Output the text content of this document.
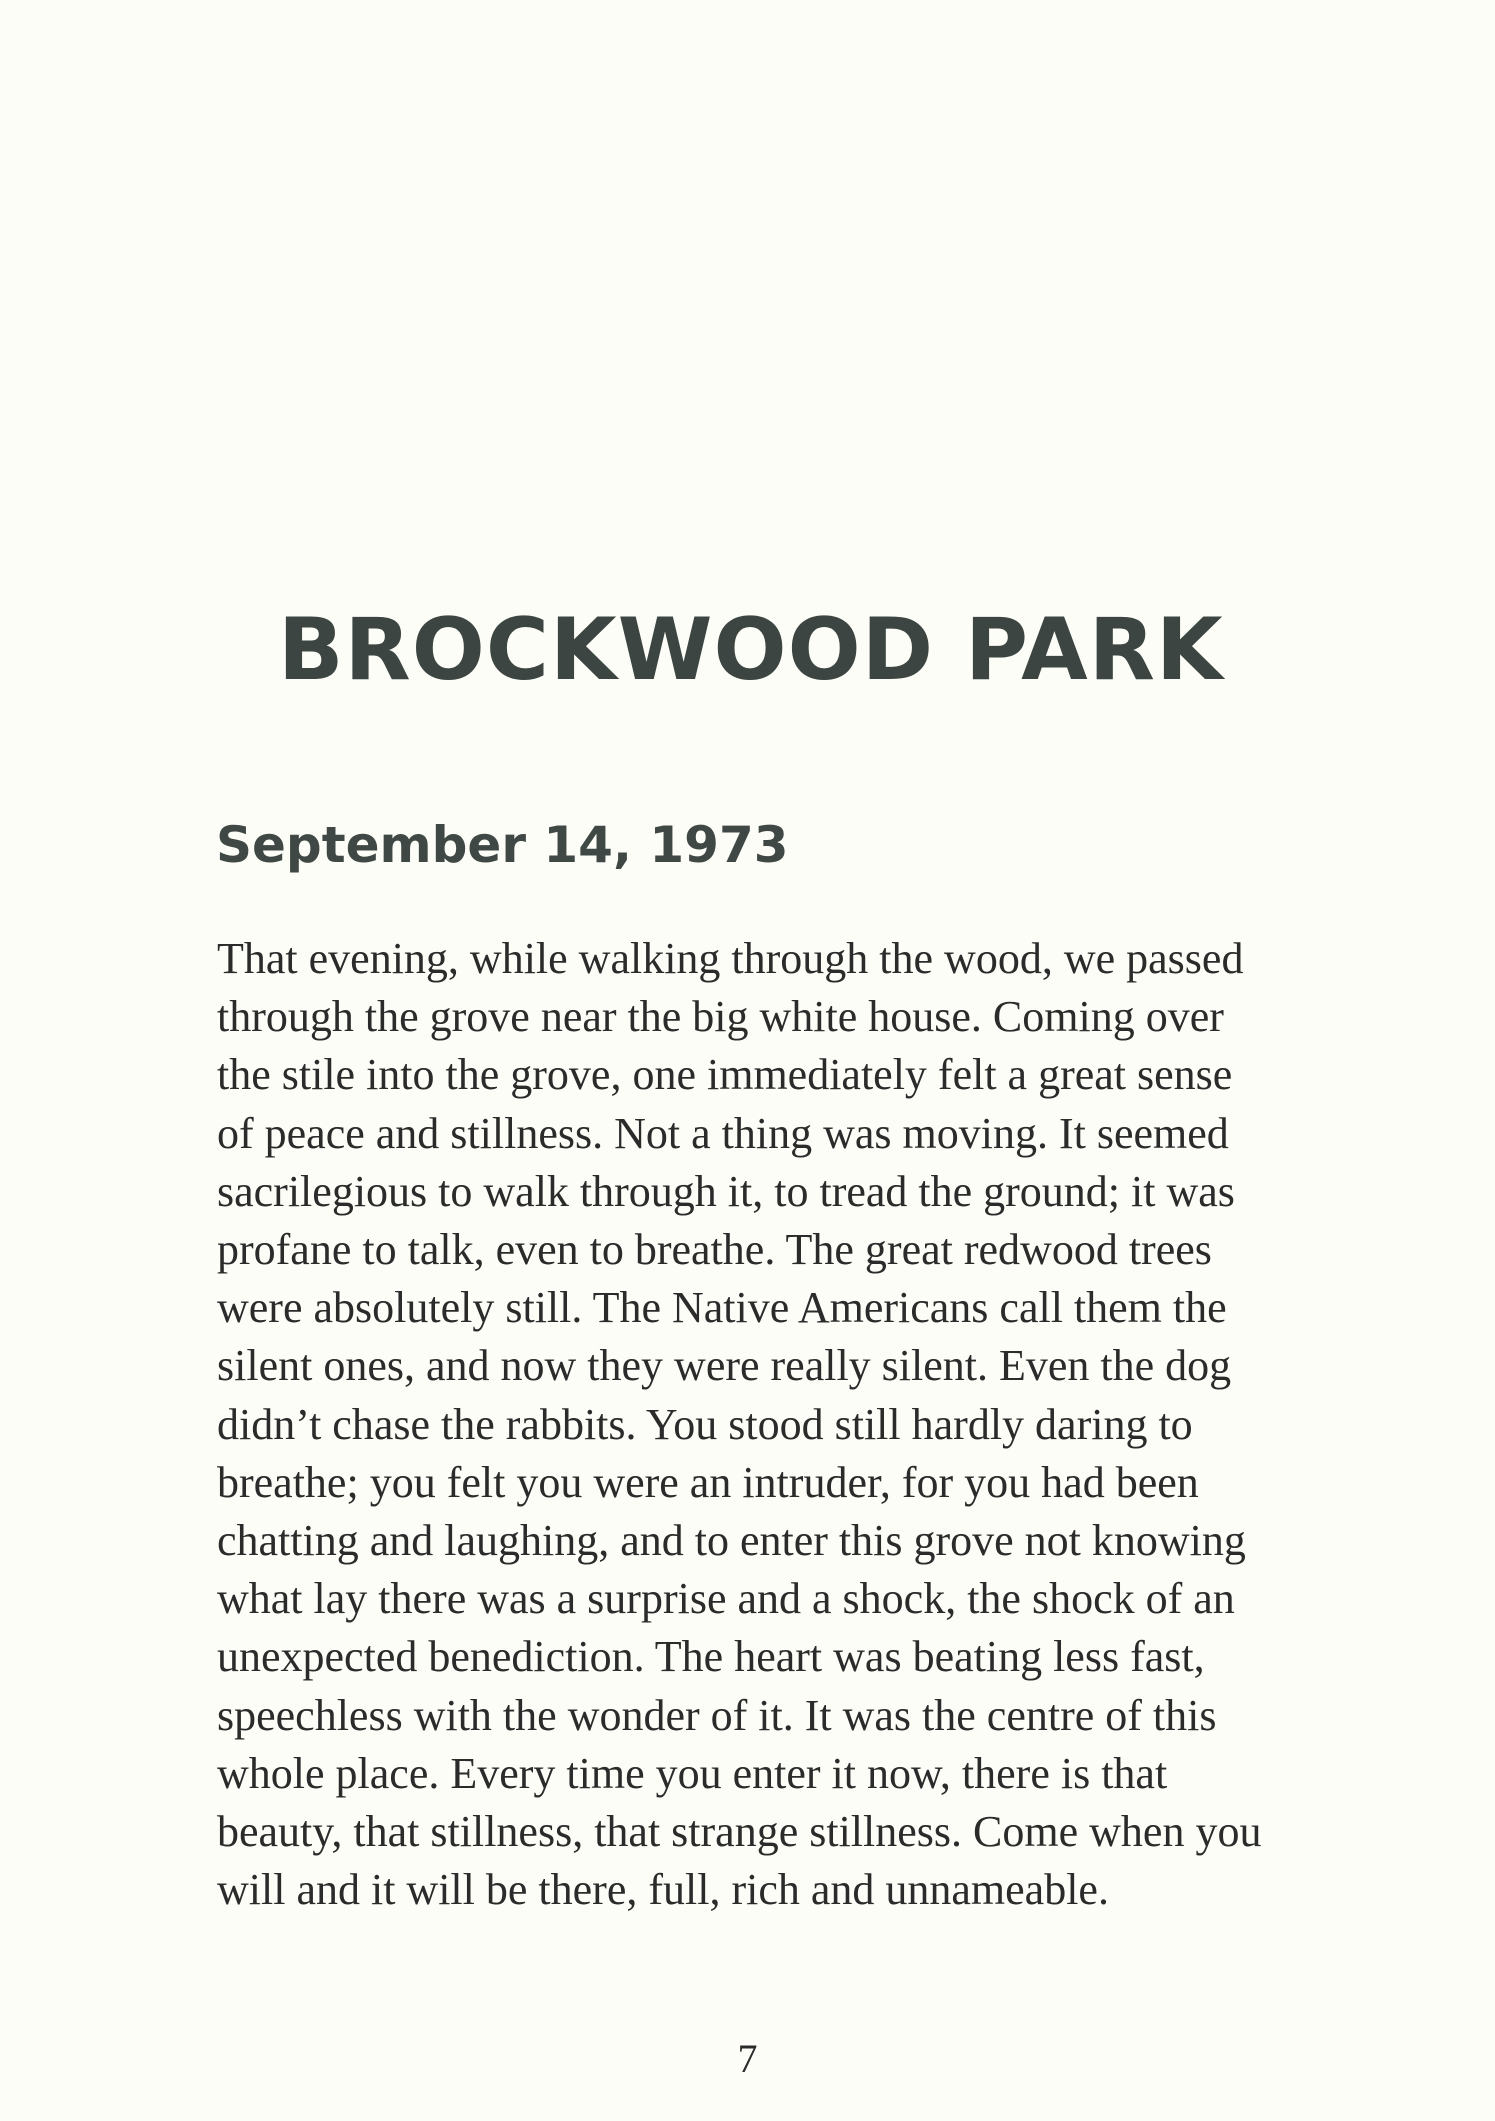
BROCKWOOD PARK
September 14, 1973
That evening, while walking through the wood, we passed
through the grove near the big white house. Coming over
the stile into the grove, one immediately felt a great sense
of peace and stillness. Not a thing was moving. It seemed
sacrilegious to walk through it, to tread the ground; it was
profane to talk, even to breathe. The great redwood trees
were absolutely still. The Native Americans call them the
silent ones, and now they were really silent. Even the dog
didn’t chase the rabbits. You stood still hardly daring to
breathe; you felt you were an intruder, for you had been
chatting and laughing, and to enter this grove not knowing
what lay there was a surprise and a shock, the shock of an
unexpected benediction. The heart was beating less fast,
speechless with the wonder of it. It was the centre of this
whole place. Every time you enter it now, there is that
beauty, that stillness, that strange stillness. Come when you
will and it will be there, full, rich and unnameable.
7
